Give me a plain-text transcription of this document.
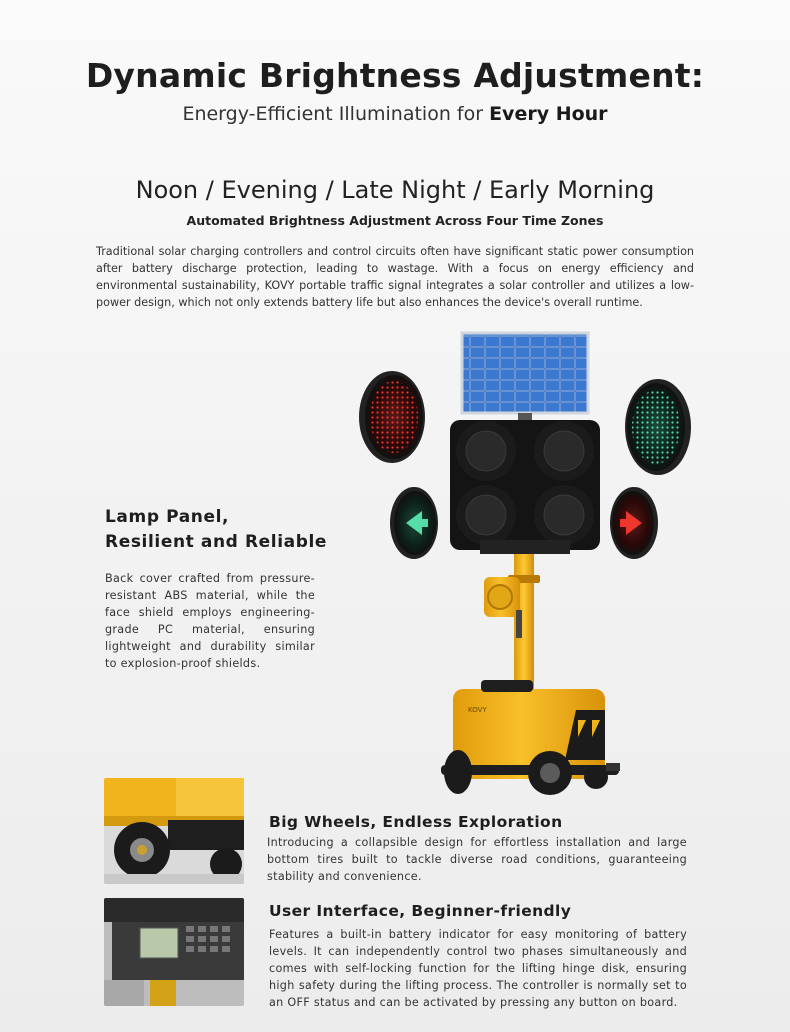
Dynamic Brightness Adjustment:
Energy-Efficient Illumination for Every Hour
Noon / Evening / Late Night / Early Morning
Automated Brightness Adjustment Across Four Time Zones
Traditional solar charging controllers and control circuits often have significant static power consumption after battery discharge protection, leading to wastage. With a focus on energy efficiency and environmental sustainability, KOVY portable traffic signal integrates a solar controller and utilizes a low-power design, which not only extends battery life but also enhances the device's overall runtime.
Lamp Panel,
Resilient and Reliable
Back cover crafted from pressure-resistant ABS material, while the face shield employs engineering-grade PC material, ensuring lightweight and durability similar to explosion-proof shields.
KOVY
Big Wheels, Endless Exploration
Introducing a collapsible design for effortless installation and large bottom tires built to tackle diverse road conditions, guaranteeing stability and convenience.
User Interface, Beginner-friendly
Features a built-in battery indicator for easy monitoring of battery levels. It can independently control two phases simultaneously and comes with self-locking function for the lifting hinge disk, ensuring high safety during the lifting process. The controller is normally set to an OFF status and can be activated by pressing any button on board.
